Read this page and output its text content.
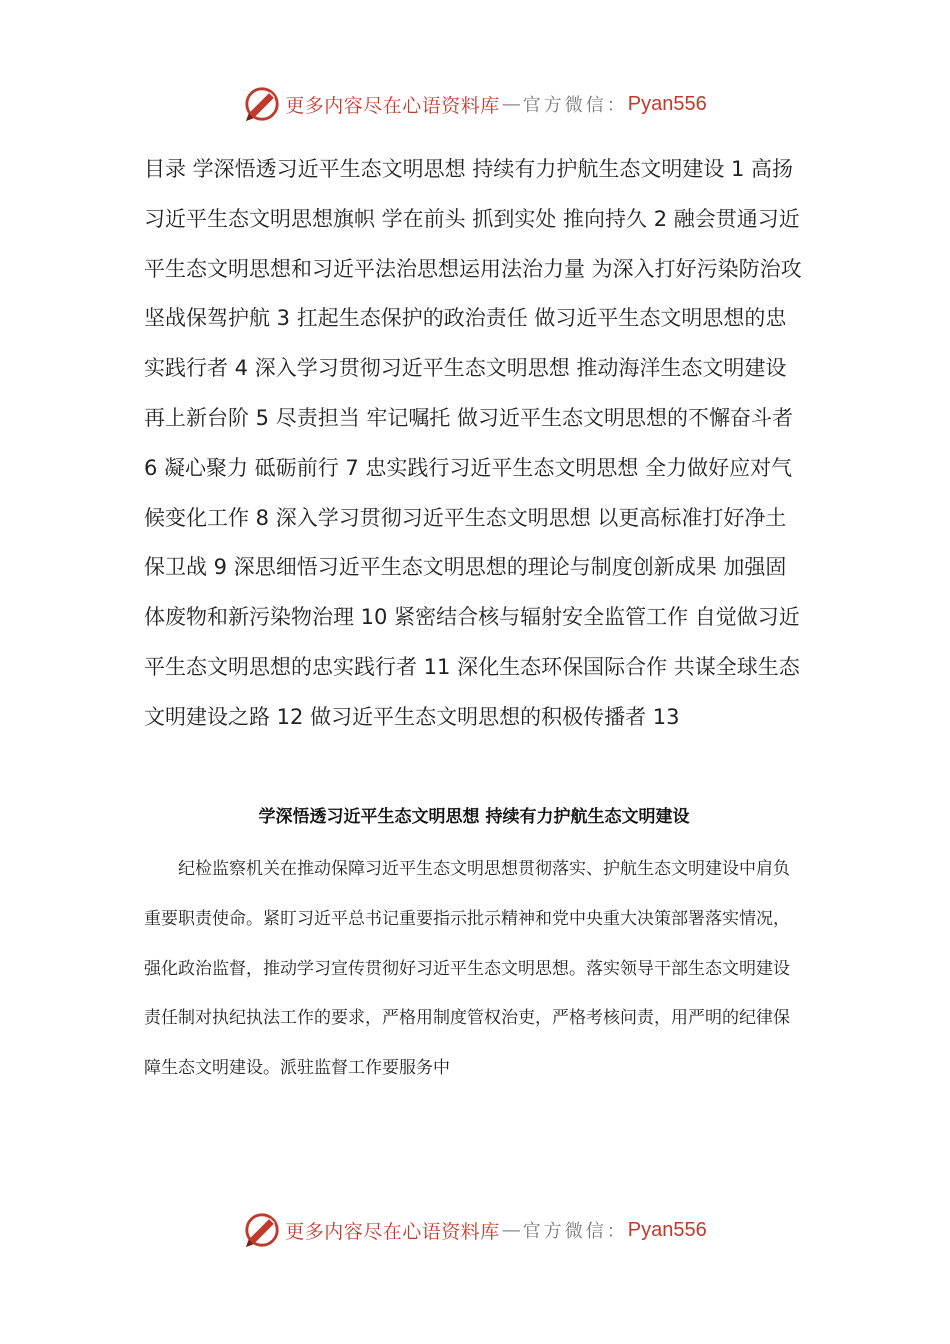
更多内容尽在心语资料库 — 官方微信： Pyan556

目录 学深悟透习近平生态文明思想 持续有力护航生态文明建设 1 高扬习近平生态文明思想旗帜 学在前头 抓到实处 推向持久 2 融会贯通习近平生态文明思想和习近平法治思想运用法治力量 为深入打好污染防治攻坚战保驾护航 3 扛起生态保护的政治责任 做习近平生态文明思想的忠实践行者 4 深入学习贯彻习近平生态文明思想 推动海洋生态文明建设再上新台阶 5 尽责担当 牢记嘱托 做习近平生态文明思想的不懈奋斗者 6 凝心聚力 砥砺前行 7 忠实践行习近平生态文明思想 全力做好应对气候变化工作 8 深入学习贯彻习近平生态文明思想 以更高标准打好净土保卫战 9 深思细悟习近平生态文明思想的理论与制度创新成果 加强固体废物和新污染物治理 10 紧密结合核与辐射安全监管工作 自觉做习近平生态文明思想的忠实践行者 11 深化生态环保国际合作 共谋全球生态文明建设之路 12 做习近平生态文明思想的积极传播者 13

学深悟透习近平生态文明思想 持续有力护航生态文明建设

纪检监察机关在推动保障习近平生态文明思想贯彻落实、护航生态文明建设中肩负重要职责使命。紧盯习近平总书记重要指示批示精神和党中央重大决策部署落实情况，强化政治监督，推动学习宣传贯彻好习近平生态文明思想。落实领导干部生态文明建设责任制对执纪执法工作的要求，严格用制度管权治吏，严格考核问责，用严明的纪律保障生态文明建设。派驻监督工作要服务中

更多内容尽在心语资料库 — 官方微信： Pyan556
